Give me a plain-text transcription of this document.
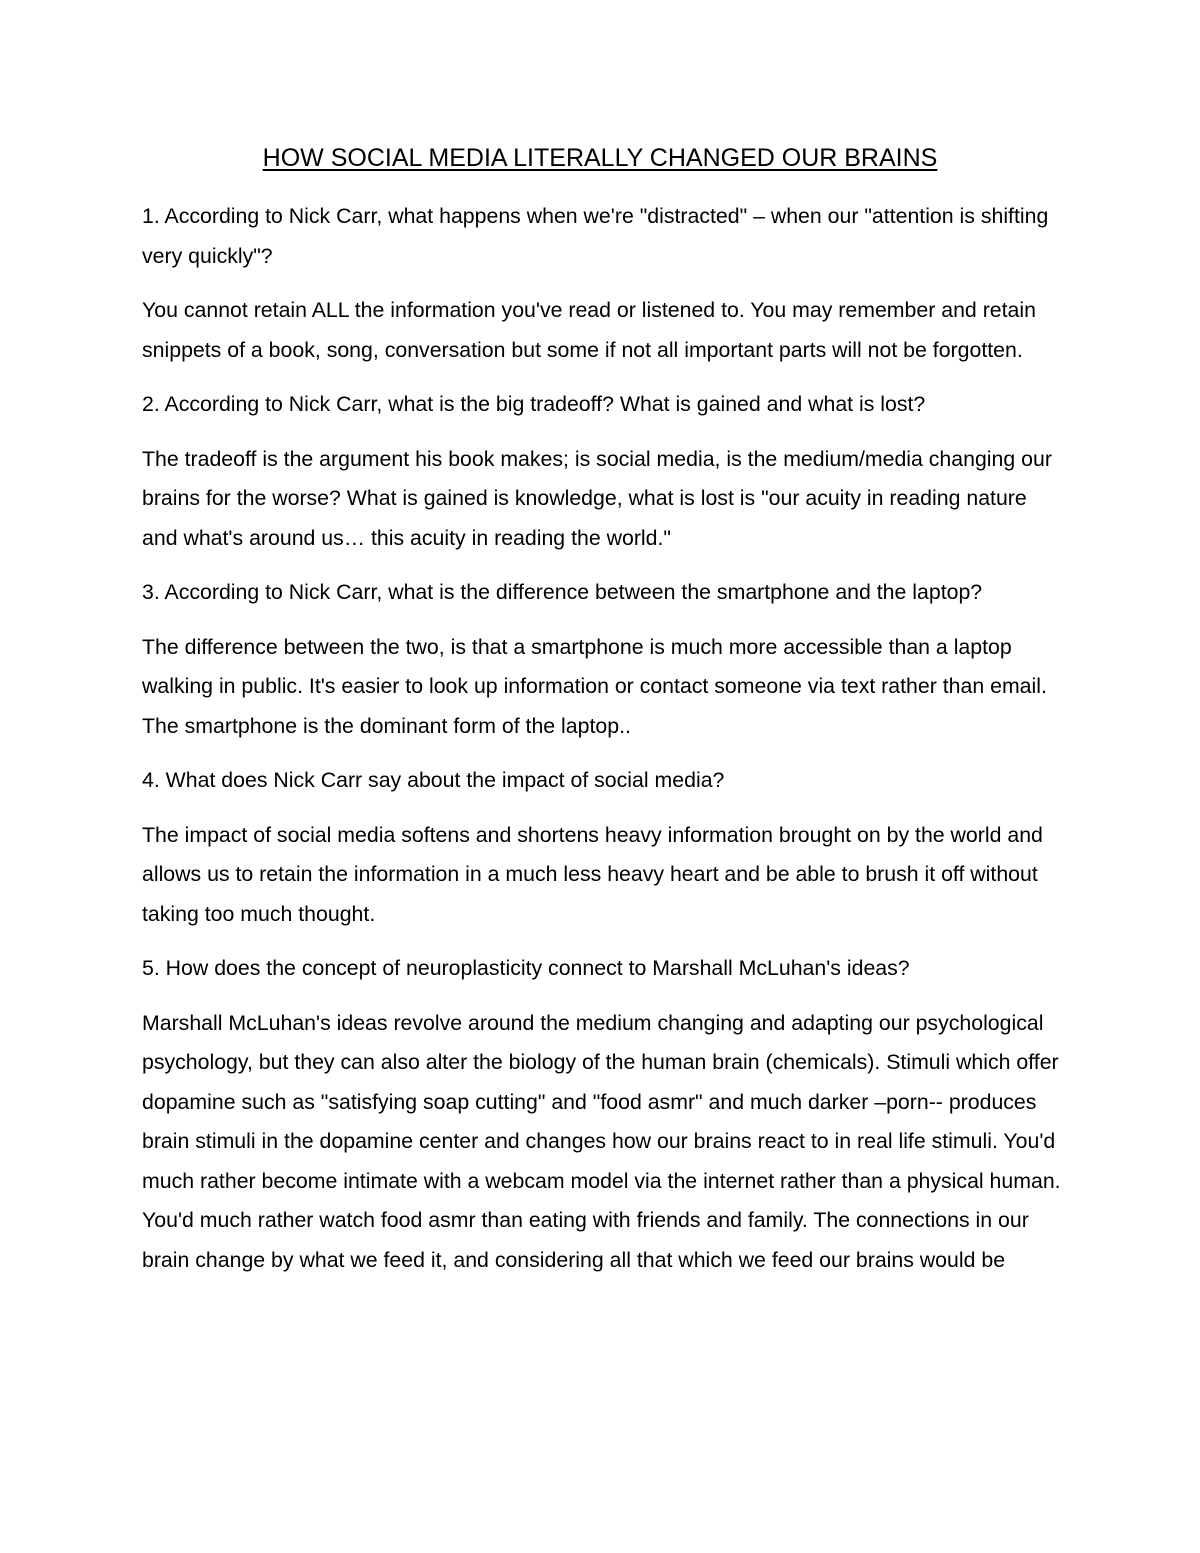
HOW SOCIAL MEDIA LITERALLY CHANGED OUR BRAINS

1. According to Nick Carr, what happens when we're "distracted" – when our "attention is shifting very quickly"?

You cannot retain ALL the information you've read or listened to. You may remember and retain snippets of a book, song, conversation but some if not all important parts will not be forgotten.

2. According to Nick Carr, what is the big tradeoff? What is gained and what is lost?

The tradeoff is the argument his book makes; is social media, is the medium/media changing our brains for the worse? What is gained is knowledge, what is lost is "our acuity in reading nature and what's around us… this acuity in reading the world."

3. According to Nick Carr, what is the difference between the smartphone and the laptop?

The difference between the two, is that a smartphone is much more accessible than a laptop walking in public. It's easier to look up information or contact someone via text rather than email. The smartphone is the dominant form of the laptop..

4. What does Nick Carr say about the impact of social media?

The impact of social media softens and shortens heavy information brought on by the world and allows us to retain the information in a much less heavy heart and be able to brush it off without taking too much thought.

5. How does the concept of neuroplasticity connect to Marshall McLuhan's ideas?

Marshall McLuhan's ideas revolve around the medium changing and adapting our psychological psychology, but they can also alter the biology of the human brain (chemicals). Stimuli which offer dopamine such as "satisfying soap cutting" and "food asmr" and much darker –porn-- produces brain stimuli in the dopamine center and changes how our brains react to in real life stimuli. You'd much rather become intimate with a webcam model via the internet rather than a physical human. You'd much rather watch food asmr than eating with friends and family. The connections in our brain change by what we feed it, and considering all that which we feed our brains would be
